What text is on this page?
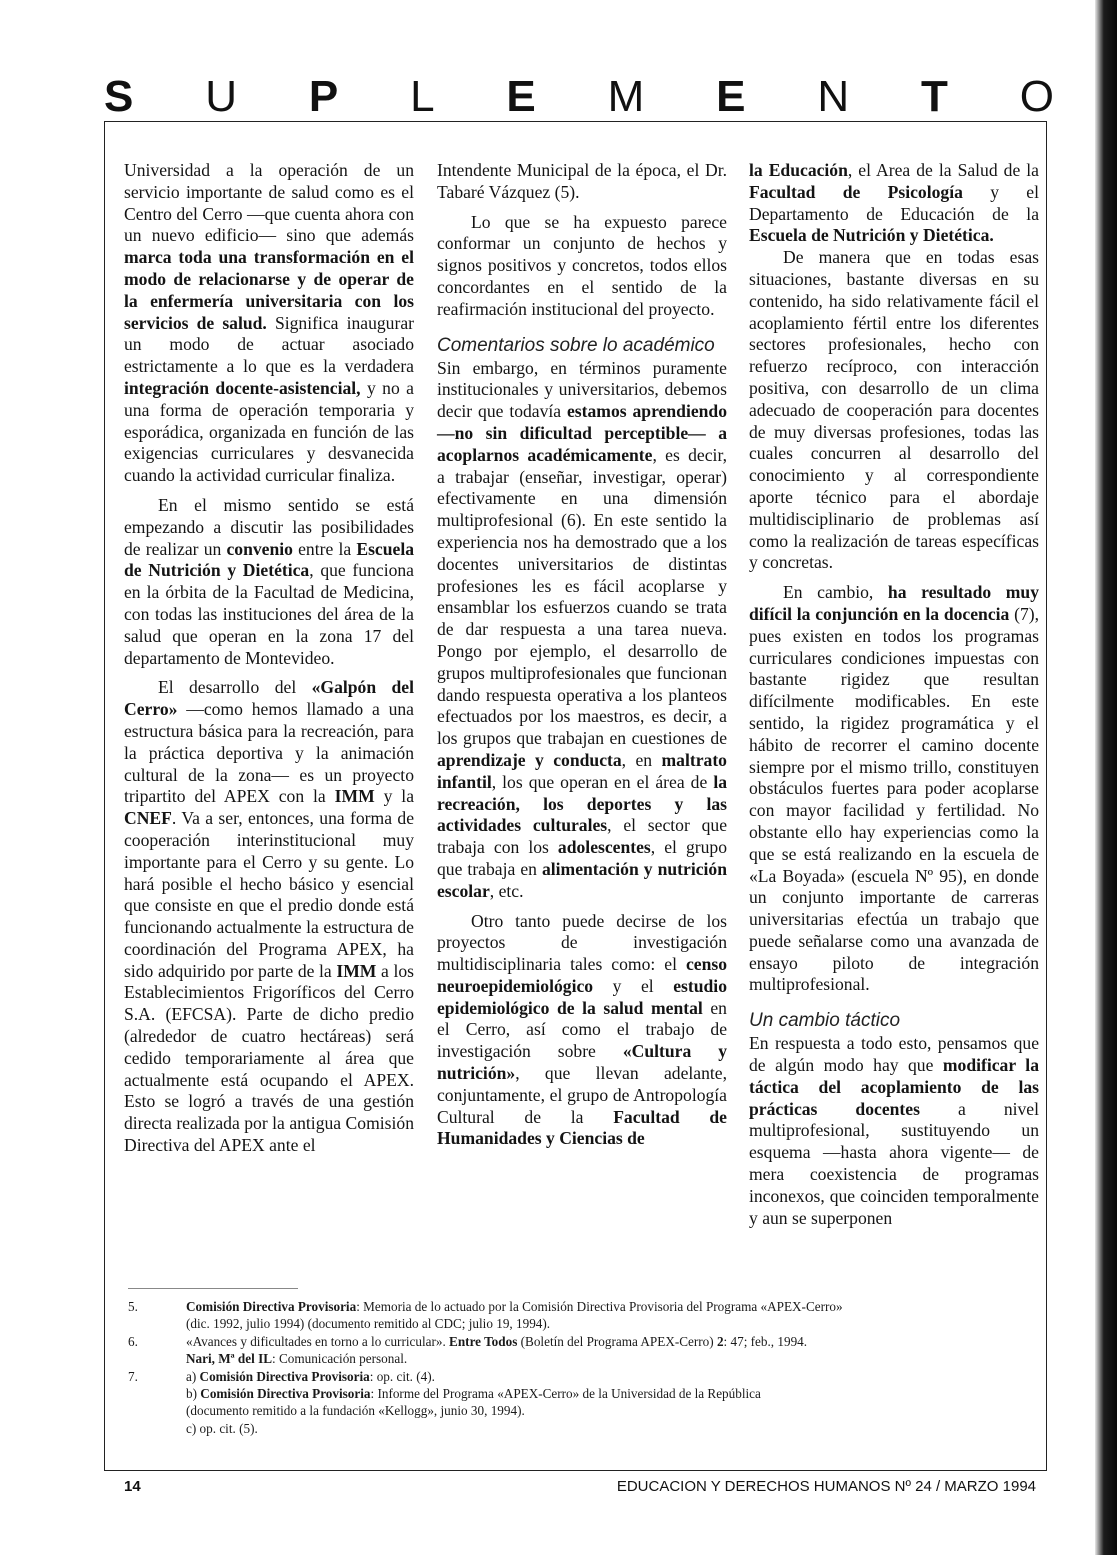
S U P L E M E N T O

Universidad a la operación de un servicio importante de salud como es el Centro del Cerro —que cuenta ahora con un nuevo edificio— sino que además marca toda una transformación en el modo de relacionarse y de operar de la enfermería universitaria con los servicios de salud. Significa inaugurar un modo de actuar asociado estrictamente a lo que es la verdadera integración docente-asistencial, y no a una forma de operación temporaria y esporádica, organizada en función de las exigencias curriculares y desvanecida cuando la actividad curricular finaliza.

En el mismo sentido se está empezando a discutir las posibilidades de realizar un convenio entre la Escuela de Nutrición y Dietética, que funciona en la órbita de la Facultad de Medicina, con todas las instituciones del área de la salud que operan en la zona 17 del departamento de Montevideo.

El desarrollo del «Galpón del Cerro» —como hemos llamado a una estructura básica para la recreación, para la práctica deportiva y la animación cultural de la zona— es un proyecto tripartito del APEX con la IMM y la CNEF. Va a ser, entonces, una forma de cooperación interinstitucional muy importante para el Cerro y su gente. Lo hará posible el hecho básico y esencial que consiste en que el predio donde está funcionando actualmente la estructura de coordinación del Programa APEX, ha sido adquirido por parte de la IMM a los Establecimientos Frigoríficos del Cerro S.A. (EFCSA). Parte de dicho predio (alrededor de cuatro hectáreas) será cedido temporariamente al área que actualmente está ocupando el APEX. Esto se logró a través de una gestión directa realizada por la antigua Comisión Directiva del APEX ante el

Intendente Municipal de la época, el Dr. Tabaré Vázquez (5).

Lo que se ha expuesto parece conformar un conjunto de hechos y signos positivos y concretos, todos ellos concordantes en el sentido de la reafirmación institucional del proyecto.

Comentarios sobre lo académico

Sin embargo, en términos puramente institucionales y universitarios, debemos decir que todavía estamos aprendiendo —no sin dificultad perceptible— a acoplarnos académicamente, es decir, a trabajar (enseñar, investigar, operar) efectivamente en una dimensión multiprofesional (6). En este sentido la experiencia nos ha demostrado que a los docentes universitarios de distintas profesiones les es fácil acoplarse y ensamblar los esfuerzos cuando se trata de dar respuesta a una tarea nueva. Pongo por ejemplo, el desarrollo de grupos multiprofesionales que funcionan dando respuesta operativa a los planteos efectuados por los maestros, es decir, a los grupos que trabajan en cuestiones de aprendizaje y conducta, en maltrato infantil, los que operan en el área de la recreación, los deportes y las actividades culturales, el sector que trabaja con los adolescentes, el grupo que trabaja en alimentación y nutrición escolar, etc.

Otro tanto puede decirse de los proyectos de investigación multidisciplinaria tales como: el censo neuroepidemiológico y el estudio epidemiológico de la salud mental en el Cerro, así como el trabajo de investigación sobre «Cultura y nutrición», que llevan adelante, conjuntamente, el grupo de Antropología Cultural de la Facultad de Humanidades y Ciencias de

la Educación, el Area de la Salud de la Facultad de Psicología y el Departamento de Educación de la Escuela de Nutrición y Dietética.

De manera que en todas esas situaciones, bastante diversas en su contenido, ha sido relativamente fácil el acoplamiento fértil entre los diferentes sectores profesionales, hecho con refuerzo recíproco, con interacción positiva, con desarrollo de un clima adecuado de cooperación para docentes de muy diversas profesiones, todas las cuales concurren al desarrollo del conocimiento y al correspondiente aporte técnico para el abordaje multidisciplinario de problemas así como la realización de tareas específicas y concretas.

En cambio, ha resultado muy difícil la conjunción en la docencia (7), pues existen en todos los programas curriculares condiciones impuestas con bastante rigidez que resultan difícilmente modificables. En este sentido, la rigidez programática y el hábito de recorrer el camino docente siempre por el mismo trillo, constituyen obstáculos fuertes para poder acoplarse con mayor facilidad y fertilidad. No obstante ello hay experiencias como la que se está realizando en la escuela de «La Boyada» (escuela Nº 95), en donde un conjunto importante de carreras universitarias efectúa un trabajo que puede señalarse como una avanzada de ensayo piloto de integración multiprofesional.

Un cambio táctico

En respuesta a todo esto, pensamos que de algún modo hay que modificar la táctica del acoplamiento de las prácticas docentes a nivel multiprofesional, sustituyendo un esquema —hasta ahora vigente— de mera coexistencia de programas inconexos, que coinciden temporalmente y aun se superponen

5.	Comisión Directiva Provisoria: Memoria de lo actuado por la Comisión Directiva Provisoria del Programa «APEX-Cerro»
(dic. 1992, julio 1994) (documento remitido al CDC; julio 19, 1994).
6.	«Avances y dificultades en torno a lo curricular». Entre Todos (Boletín del Programa APEX-Cerro) 2: 47; feb., 1994.
Nari, Mª del IL: Comunicación personal.
7.	a) Comisión Directiva Provisoria: op. cit. (4).
b) Comisión Directiva Provisoria: Informe del Programa «APEX-Cerro» de la Universidad de la República
(documento remitido a la fundación «Kellogg», junio 30, 1994).
c) op. cit. (5).
14	EDUCACION Y DERECHOS HUMANOS Nº 24 / MARZO 1994
